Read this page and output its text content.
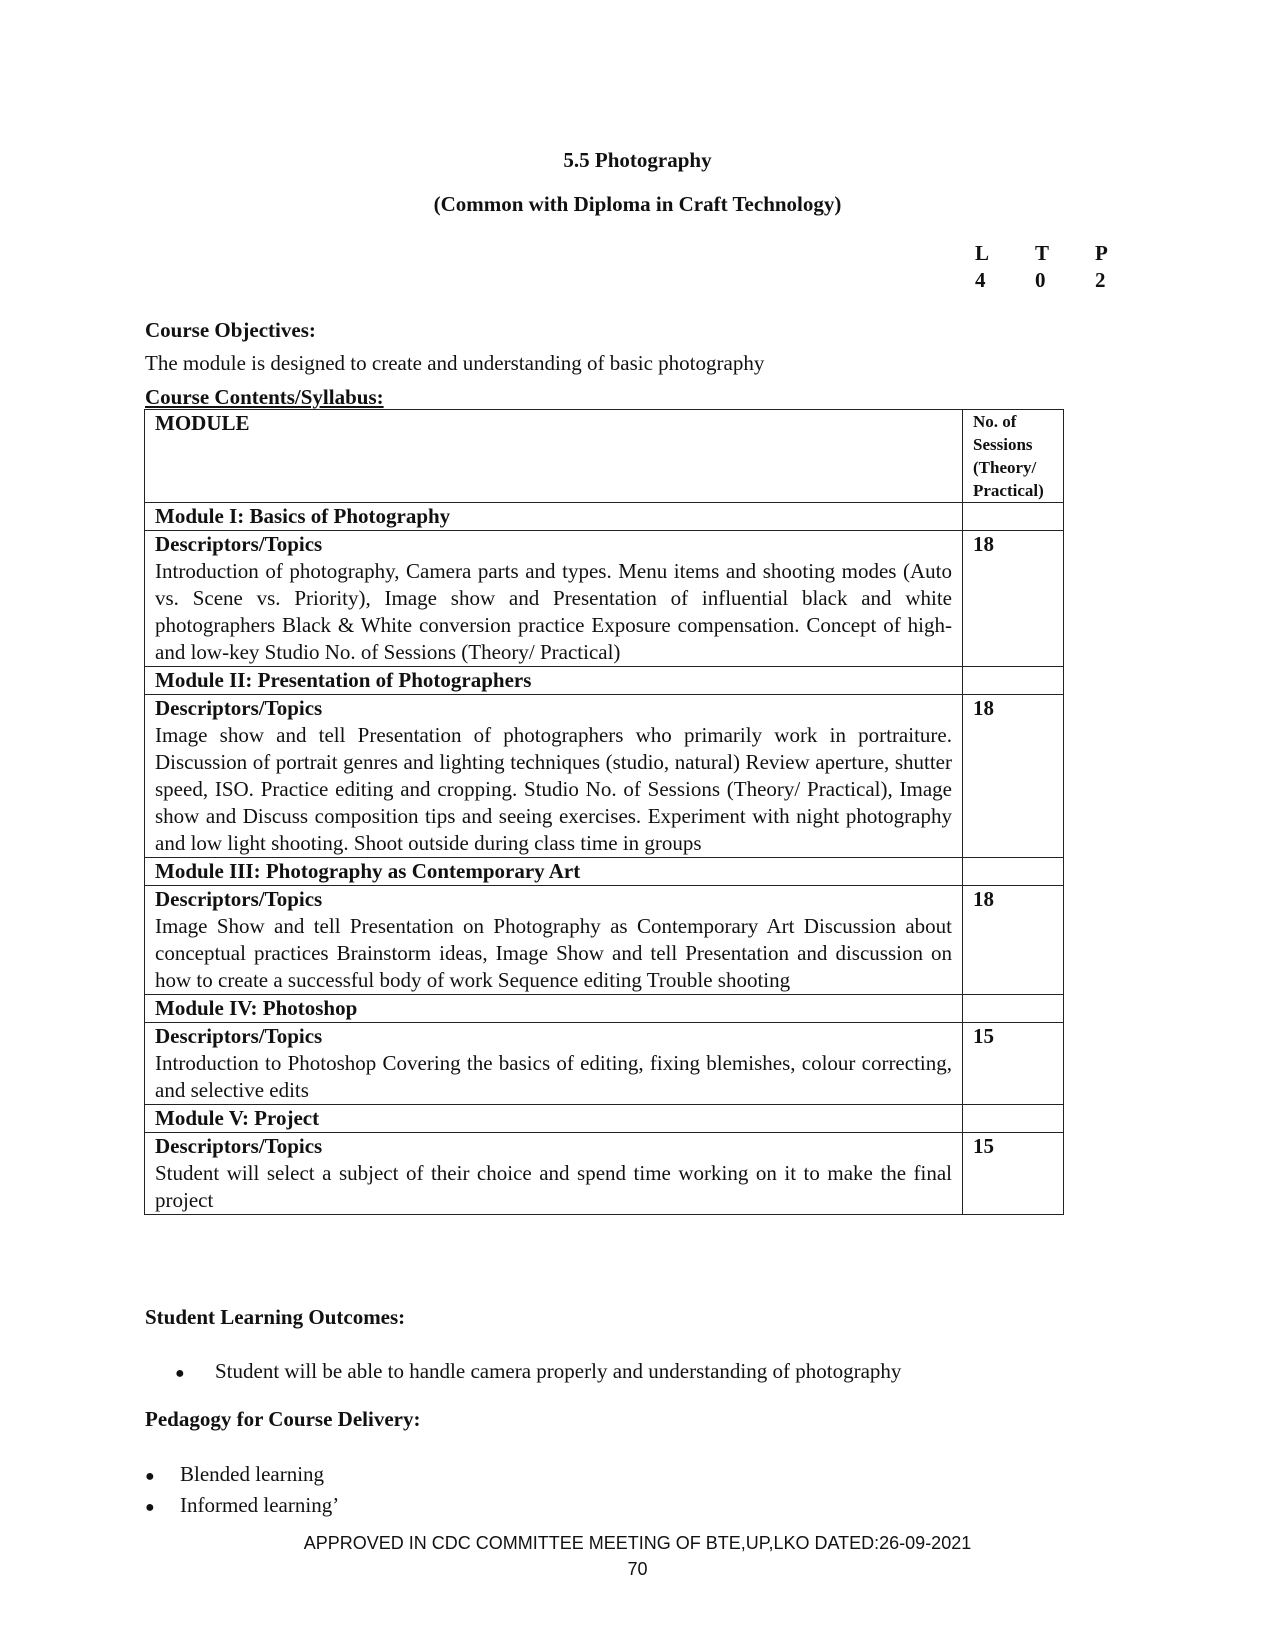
5.5 Photography
(Common with Diploma in Craft Technology)
L	T	P
4	0	2
Course Objectives:
The module is designed to create and understanding of basic photography
Course Contents/Syllabus:
MODULE	No. of Sessions (Theory/ Practical)
Module I: Basics of Photography	

Descriptors/Topics
Introduction of photography, Camera parts and types. Menu items and shooting modes (Auto vs. Scene vs. Priority), Image show and Presentation of influential black and white photographers Black & White conversion practice Exposure compensation. Concept of high- and low-key Studio No. of Sessions (Theory/ Practical)	18
Module II: Presentation of Photographers	

Descriptors/Topics
Image show and tell Presentation of photographers who primarily work in portraiture. Discussion of portrait genres and lighting techniques (studio, natural) Review aperture, shutter speed, ISO. Practice editing and cropping. Studio No. of Sessions (Theory/ Practical), Image show and Discuss composition tips and seeing exercises. Experiment with night photography and low light shooting. Shoot outside during class time in groups	18
Module III: Photography as Contemporary Art	

Descriptors/Topics
Image Show and tell Presentation on Photography as Contemporary Art Discussion about conceptual practices Brainstorm ideas, Image Show and tell Presentation and discussion on how to create a successful body of work Sequence editing Trouble shooting	18
Module IV: Photoshop	

Descriptors/Topics
Introduction to Photoshop Covering the basics of editing, fixing blemishes, colour correcting, and selective edits	15
Module V: Project	

Descriptors/Topics
Student will select a subject of their choice and spend time working on it to make the final project	15
Student Learning Outcomes:
●	Student will be able to handle camera properly and understanding of photography
Pedagogy for Course Delivery:
●	Blended learning
●	Informed learning’
APPROVED IN CDC COMMITTEE MEETING OF BTE,UP,LKO DATED:26-09-2021
70
